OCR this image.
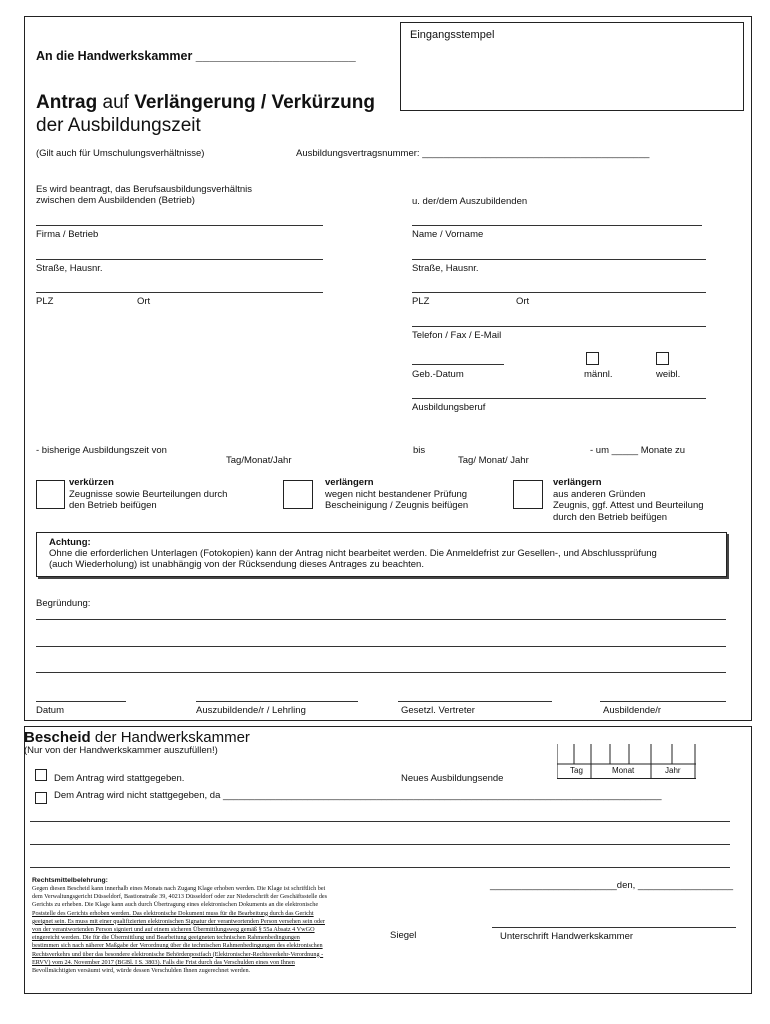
Eingangsstempel
An die Handwerkskammer _______________________
Antrag auf Verlängerung / Verkürzung
der Ausbildungszeit
(Gilt auch für Umschulungsverhältnisse)	Ausbildungsvertragsnummer: ___________________________________________
Es wird beantragt, das Berufsausbildungsverhältnis
zwischen dem Ausbildenden (Betrieb)	u. der/dem Auszubildenden
Firma / Betrieb	Name / Vorname
Straße, Hausnr.	Straße, Hausnr.
PLZ	Ort	PLZ	Ort
Telefon / Fax / E-Mail
Geb.-Datum	männl.	weibl.
Ausbildungsberuf
- bisherige Ausbildungszeit von
Tag/Monat/Jahr
bis
Tag/ Monat/ Jahr
- um _____ Monate zu
verkürzen
Zeugnisse sowie Beurteilungen durch
den Betrieb beifügen
verlängern
wegen nicht bestandener Prüfung
Bescheinigung / Zeugnis beifügen
verlängern
aus anderen Gründen
Zeugnis, ggf. Attest und Beurteilung
durch den Betrieb beifügen
Achtung:
Ohne die erforderlichen Unterlagen (Fotokopien) kann der Antrag nicht bearbeitet werden. Die Anmeldefrist zur Gesellen-, und Abschlussprüfung
(auch Wiederholung) ist unabhängig von der Rücksendung dieses Antrages zu beachten.
Begründung:
Datum	Auszubildende/r / Lehrling	Gesetzl. Vertreter	Ausbildende/r
Bescheid der Handwerkskammer
(Nur von der Handwerkskammer auszufüllen!)
Dem Antrag wird stattgegeben.	Neues Ausbildungsende
Tag	Monat	Jahr
Dem Antrag wird nicht stattgegeben, da ___________________________________________________________________________________
Rechtsmittelbelehrung:
Gegen diesen Bescheid kann innerhalb eines Monats nach Zugang Klage erhoben werden. Die Klage ist schriftlich bei
dem Verwaltungsgericht Düsseldorf, Bastionstraße 39, 40213 Düsseldorf oder zur Niederschrift der Geschäftsstelle des
Gerichts zu erheben. Die Klage kann auch durch Übertragung eines elektronischen Dokuments an die elektronische
Poststelle des Gerichts erhoben werden. Das elektronische Dokument muss für die Bearbeitung durch das Gericht
geeignet sein. Es muss mit einer qualifizierten elektronischen Signatur der verantwortenden Person versehen sein oder
von der verantwortenden Person signiert und auf einem sicheren Übermittlungsweg gemäß § 55a Absatz 4 VwGO
eingereicht werden. Die für die Übermittlung und Bearbeitung geeigneten technischen Rahmenbedingungen
bestimmen sich nach näherer Maßgabe der Verordnung über die technischen Rahmenbedingungen des elektronischen
Rechtsverkehrs und über das besondere elektronische Behördenpostfach (Elektronischer-Rechtsverkehr-Verordnung -
ERVV) vom 24. November 2017 (BGBl. I S. 3803). Falls die Frist durch das Verschulden eines von Ihnen
Bevollmächtigten versäumt wird, würde dessen Verschulden Ihnen zugerechnet werden.
________________________den, __________________
Siegel	Unterschrift Handwerkskammer
